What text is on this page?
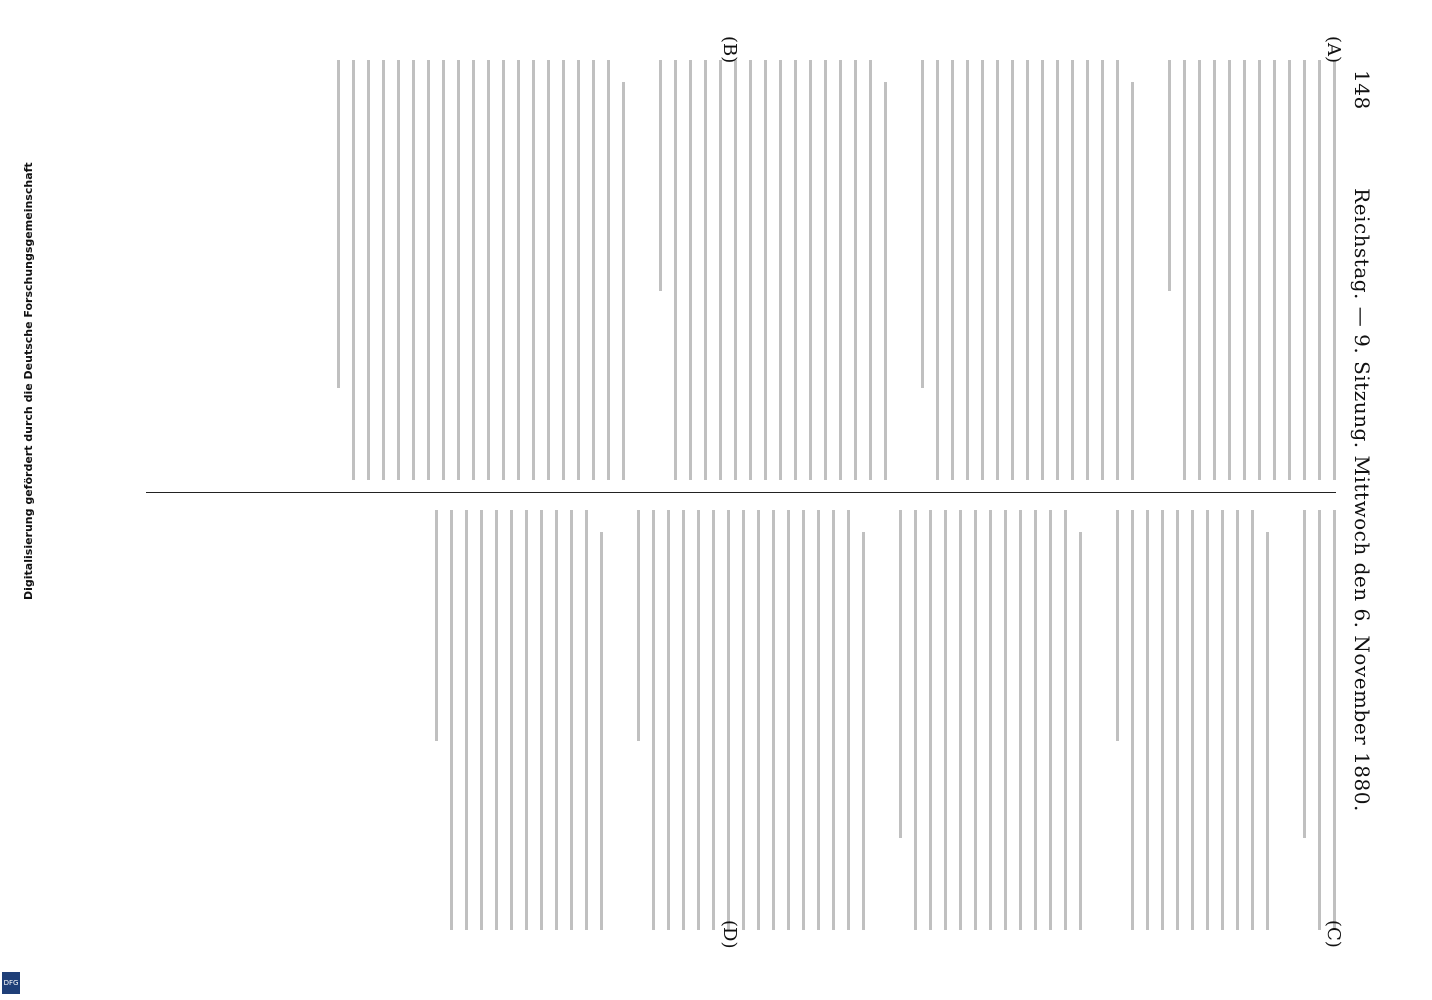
148
Reichstag. — 9. Sitzung. Mittwoch den 6. November 1880.
(A)
(B)
(C)
(D)
Digitalisierung gefördert durch die Deutsche Forschungsgemeinschaft
DFG
